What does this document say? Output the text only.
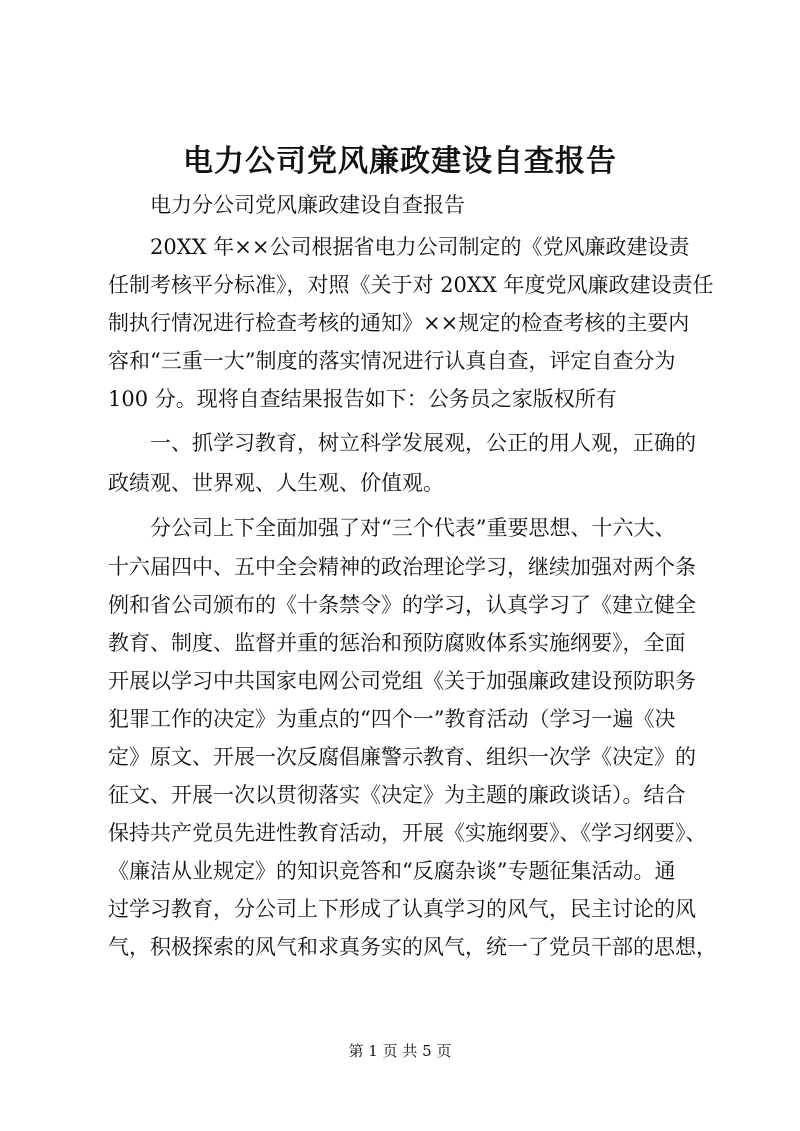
电力公司党风廉政建设自查报告

电力分公司党风廉政建设自查报告

20XX 年××公司根据省电力公司制定的《党风廉政建设责

任制考核平分标准》，对照《关于对 20XX 年度党风廉政建设责任

制执行情况进行检查考核的通知》××规定的检查考核的主要内

容和“三重一大”制度的落实情况进行认真自查，评定自查分为

100 分。现将自查结果报告如下：公务员之家版权所有

一、抓学习教育，树立科学发展观，公正的用人观，正确的

政绩观、世界观、人生观、价值观。

分公司上下全面加强了对“三个代表”重要思想、十六大、

十六届四中、五中全会精神的政治理论学习，继续加强对两个条

例和省公司颁布的《十条禁令》的学习，认真学习了《建立健全

教育、制度、监督并重的惩治和预防腐败体系实施纲要》，全面

开展以学习中共国家电网公司党组《关于加强廉政建设预防职务

犯罪工作的决定》为重点的“四个一”教育活动（学习一遍《决

定》原文、开展一次反腐倡廉警示教育、组织一次学《决定》的

征文、开展一次以贯彻落实《决定》为主题的廉政谈话）。结合

保持共产党员先进性教育活动，开展《实施纲要》、《学习纲要》、

《廉洁从业规定》的知识竞答和“反腐杂谈”专题征集活动。通

过学习教育，分公司上下形成了认真学习的风气，民主讨论的风

气，积极探索的风气和求真务实的风气，统一了党员干部的思想，

第 1 页 共 5 页
